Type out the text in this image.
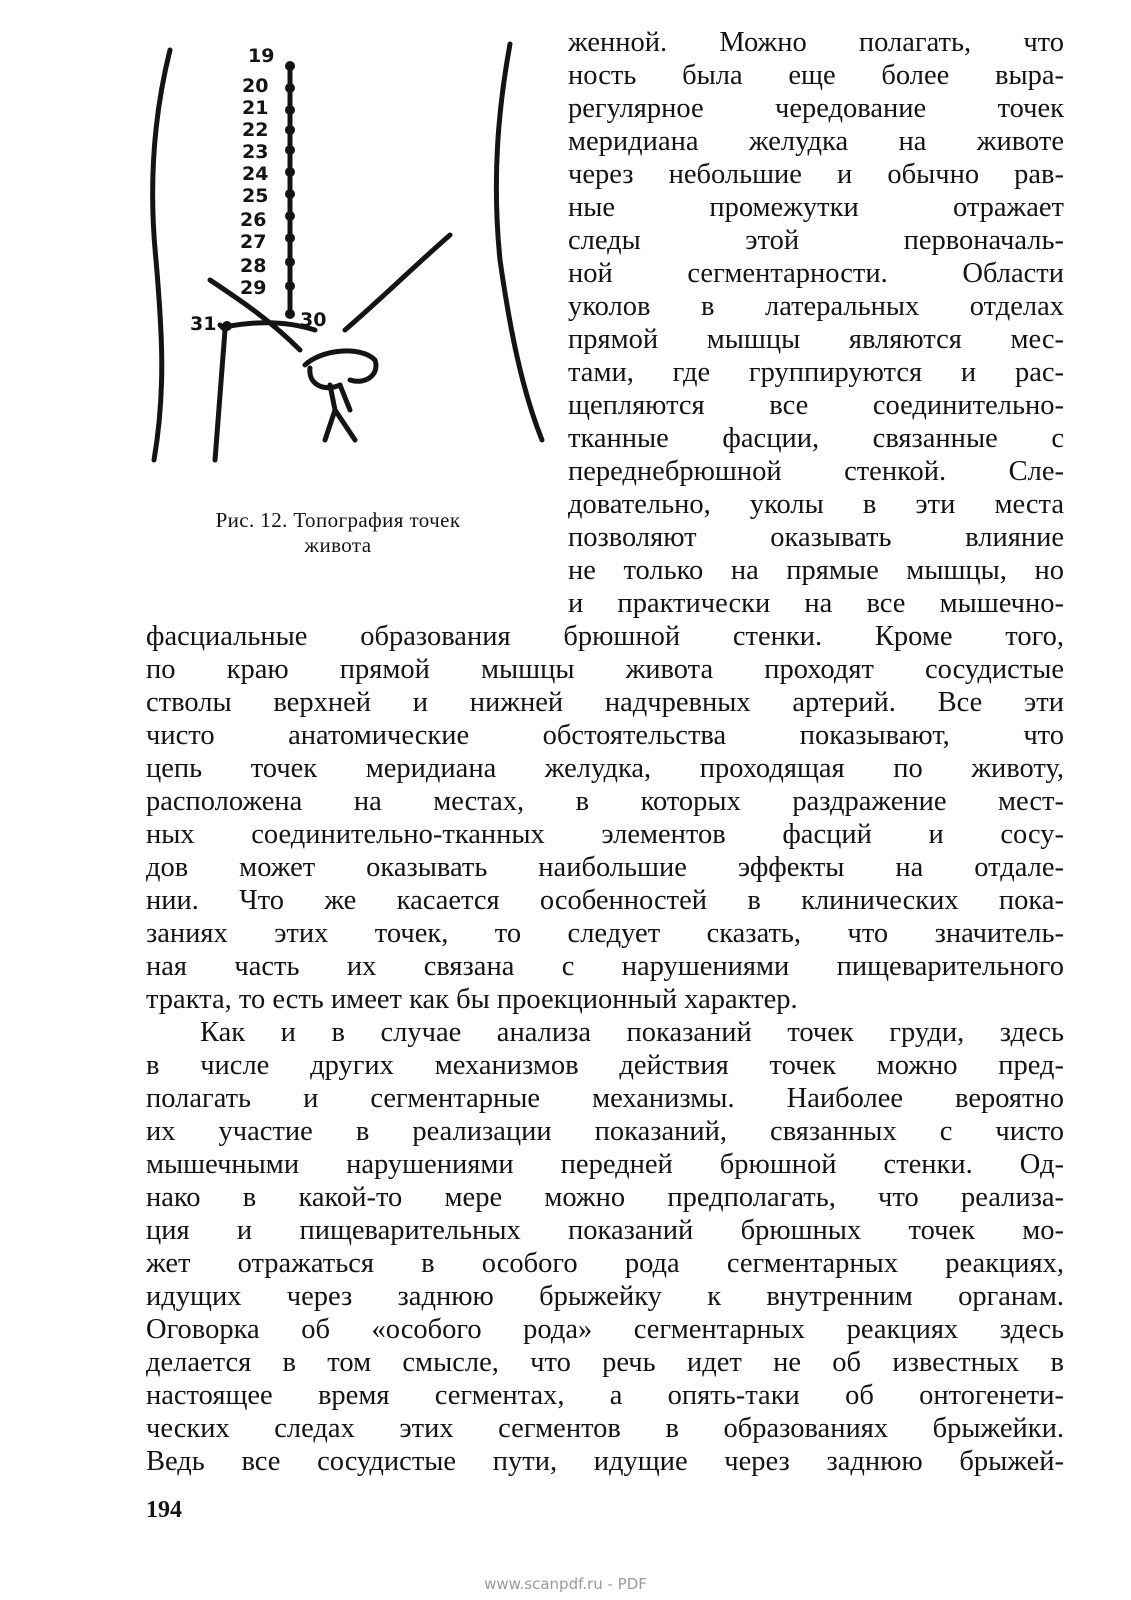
19
20
21
22
23
24
25
26
27
28
29
30
31
Рис. 12. Топография точек
живота
женной. Можно полагать, что
ность была еще более выра-
регулярное чередование точек
меридиана желудка на животе
через небольшие и обычно рав-
ные промежутки отражает
следы этой первоначаль-
ной сегментарности. Области
уколов в латеральных отделах
прямой мышцы являются мес-
тами, где группируются и рас-
щепляются все соединительно-
тканные фасции, связанные с
переднебрюшной стенкой. Сле-
довательно, уколы в эти места
позволяют оказывать влияние
не только на прямые мышцы, но
и практически на все мышечно-
фасциальные образования брюшной стенки. Кроме того,
по краю прямой мышцы живота проходят сосудистые
стволы верхней и нижней надчревных артерий. Все эти
чисто анатомические обстоятельства показывают, что
цепь точек меридиана желудка, проходящая по животу,
расположена на местах, в которых раздражение мест-
ных соединительно-тканных элементов фасций и сосу-
дов может оказывать наибольшие эффекты на отдале-
нии. Что же касается особенностей в клинических пока-
заниях этих точек, то следует сказать, что значитель-
ная часть их связана с нарушениями пищеварительного
тракта, то есть имеет как бы проекционный характер.
Как и в случае анализа показаний точек груди, здесь
в числе других механизмов действия точек можно пред-
полагать и сегментарные механизмы. Наиболее вероятно
их участие в реализации показаний, связанных с чисто
мышечными нарушениями передней брюшной стенки. Од-
нако в какой-то мере можно предполагать, что реализа-
ция и пищеварительных показаний брюшных точек мо-
жет отражаться в особого рода сегментарных реакциях,
идущих через заднюю брыжейку к внутренним органам.
Оговорка об «особого рода» сегментарных реакциях здесь
делается в том смысле, что речь идет не об известных в
настоящее время сегментах, а опять-таки об онтогенети-
ческих следах этих сегментов в образованиях брыжейки.
Ведь все сосудистые пути, идущие через заднюю брыжей-
194
www.scanpdf.ru - PDF
